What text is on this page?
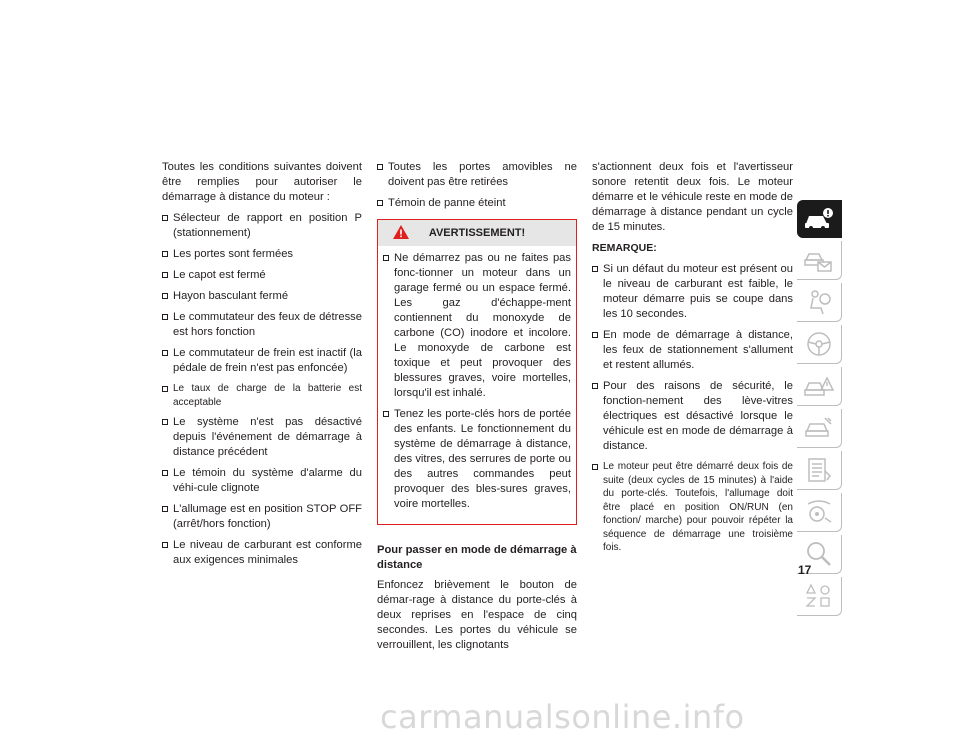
Toutes les conditions suivantes doivent être remplies pour autoriser le démarrage à distance du moteur :

Sélecteur de rapport en position P (stationnement)
Les portes sont fermées
Le capot est fermé
Hayon basculant fermé
Le commutateur des feux de détresse est hors fonction
Le commutateur de frein est inactif (la pédale de frein n'est pas enfoncée)
Le taux de charge de la batterie est acceptable
Le système n'est pas désactivé depuis l'événement de démarrage à distance précédent
Le témoin du système d'alarme du véhi-cule clignote
L'allumage est en position STOP OFF (arrêt/hors fonction)
Le niveau de carburant est conforme aux exigences minimales
Toutes les portes amovibles ne doivent pas être retirées
Témoin de panne éteint
AVERTISSEMENT!
Ne démarrez pas ou ne faites pas fonc-tionner un moteur dans un garage fermé ou un espace fermé. Les gaz d'échappe-ment contiennent du monoxyde de carbone (CO) inodore et incolore. Le monoxyde de carbone est toxique et peut provoquer des blessures graves, voire mortelles, lorsqu'il est inhalé.
Tenez les porte-clés hors de portée des enfants. Le fonctionnement du système de démarrage à distance, des vitres, des serrures de porte ou des autres commandes peut provoquer des bles-sures graves, voire mortelles.
Pour passer en mode de démarrage à distance

Enfoncez brièvement le bouton de démar-rage à distance du porte-clés à deux reprises en l'espace de cinq secondes. Les portes du véhicule se verrouillent, les clignotants

s'actionnent deux fois et l'avertisseur sonore retentit deux fois. Le moteur démarre et le véhicule reste en mode de démarrage à distance pendant un cycle de 15 minutes.

REMARQUE:
Si un défaut du moteur est présent ou le niveau de carburant est faible, le moteur démarre puis se coupe dans les 10 secondes.
En mode de démarrage à distance, les feux de stationnement s'allument et restent allumés.
Pour des raisons de sécurité, le fonction-nement des lève-vitres électriques est désactivé lorsque le véhicule est en mode de démarrage à distance.
Le moteur peut être démarré deux fois de suite (deux cycles de 15 minutes) à l'aide du porte-clés. Toutefois, l'allumage doit être placé en position ON/RUN (en fonction/ marche) pour pouvoir répéter la séquence de démarrage une troisième fois.
17
carmanualsonline.info
